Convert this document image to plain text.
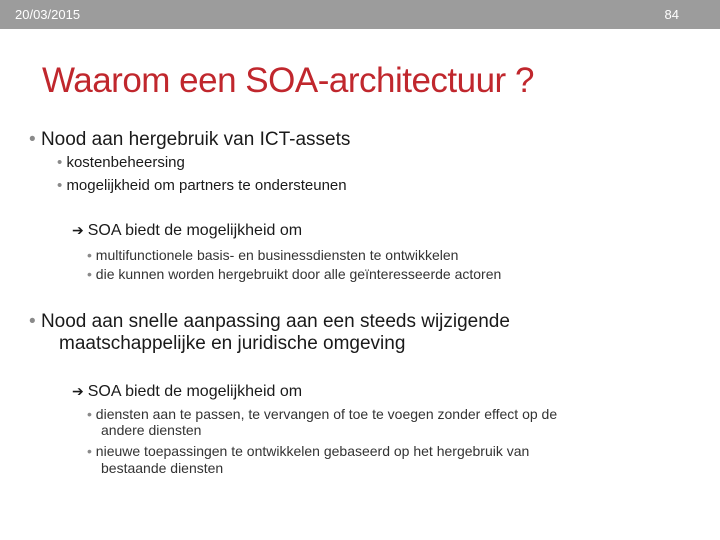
20/03/2015	84
Waarom een SOA-architectuur ?
• Nood aan hergebruik van ICT-assets
• kostenbeheersing
• mogelijkheid om partners te ondersteunen
➔ SOA biedt de mogelijkheid om
• multifunctionele basis- en businessdiensten te ontwikkelen
• die kunnen worden hergebruikt door alle geïnteresseerde actoren
• Nood aan snelle aanpassing aan een steeds wijzigende
maatschappelijke en juridische omgeving
➔ SOA biedt de mogelijkheid om
• diensten aan te passen, te vervangen of toe te voegen zonder effect op de
andere diensten
• nieuwe toepassingen te ontwikkelen gebaseerd op het hergebruik van
bestaande diensten
